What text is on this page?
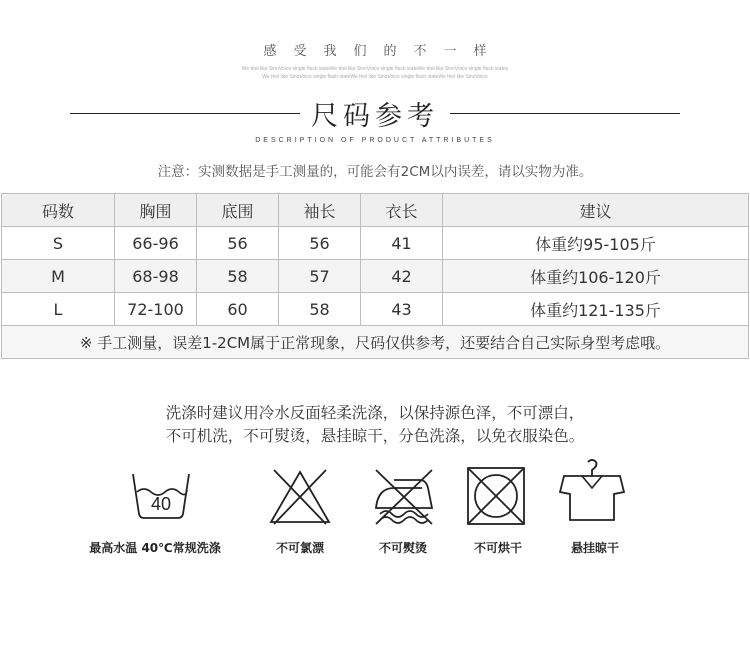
感受我们的不一样
We feel like SinoVoice single flash stateWe feel like SinoVoice single flash stateWe feel like SinoVoice single flash states
We feel like SinoVoice single flash stateWe feel like SinoVoice single flash stateWe feel like SinoVoice
尺码参考
DESCRIPTION OF PRODUCT ATTRIBUTES
注意：实测数据是手工测量的，可能会有2CM以内误差，请以实物为准。
码数	胸围	底围	袖长	衣长	建议
S	66-96	56	56	41	体重约95-105斤
M	68-98	58	57	42	体重约106-120斤
L	72-100	60	58	43	体重约121-135斤
※ 手工测量，误差1-2CM属于正常现象，尺码仅供参考，还要结合自己实际身型考虑哦。					
洗涤时建议用冷水反面轻柔洗涤，以保持源色泽，不可漂白，
不可机洗，不可熨烫，悬挂晾干，分色洗涤，以免衣服染色。
40
最高水温 40℃常规洗涤	不可氯漂	不可熨烫	不可烘干	悬挂晾干
